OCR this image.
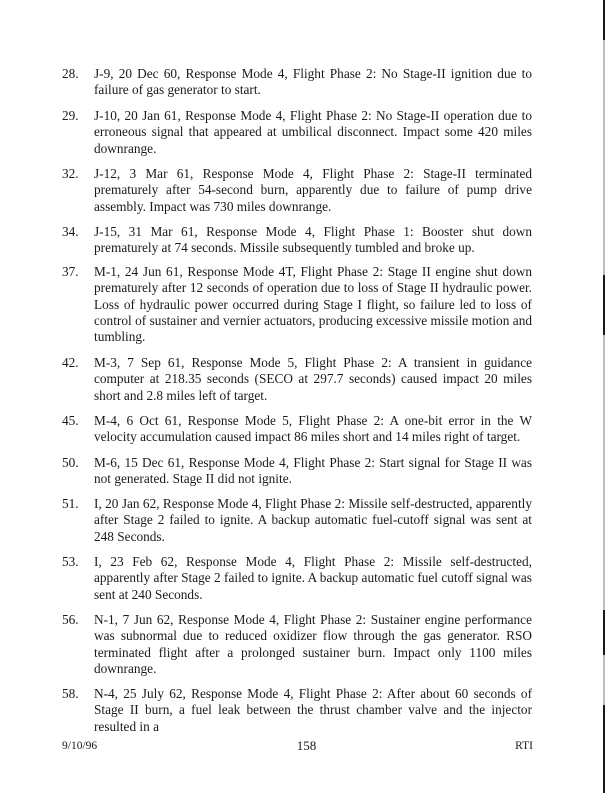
28.	J-9, 20 Dec 60, Response Mode 4, Flight Phase 2: No Stage-II ignition due to failure of gas generator to start.
29.	J-10, 20 Jan 61, Response Mode 4, Flight Phase 2: No Stage-II operation due to erroneous signal that appeared at umbilical disconnect. Impact some 420 miles downrange.
32.	J-12, 3 Mar 61, Response Mode 4, Flight Phase 2: Stage-II terminated prematurely after 54-second burn, apparently due to failure of pump drive assembly. Impact was 730 miles downrange.
34.	J-15, 31 Mar 61, Response Mode 4, Flight Phase 1: Booster shut down prematurely at 74 seconds. Missile subsequently tumbled and broke up.
37.	M-1, 24 Jun 61, Response Mode 4T, Flight Phase 2: Stage II engine shut down prematurely after 12 seconds of operation due to loss of Stage II hydraulic power. Loss of hydraulic power occurred during Stage I flight, so failure led to loss of control of sustainer and vernier actuators, producing excessive missile motion and tumbling.
42.	M-3, 7 Sep 61, Response Mode 5, Flight Phase 2: A transient in guidance computer at 218.35 seconds (SECO at 297.7 seconds) caused impact 20 miles short and 2.8 miles left of target.
45.	M-4, 6 Oct 61, Response Mode 5, Flight Phase 2: A one-bit error in the W velocity accumulation caused impact 86 miles short and 14 miles right of target.
50.	M-6, 15 Dec 61, Response Mode 4, Flight Phase 2: Start signal for Stage II was not generated. Stage II did not ignite.
51.	I, 20 Jan 62, Response Mode 4, Flight Phase 2: Missile self-destructed, apparently after Stage 2 failed to ignite. A backup automatic fuel-cutoff signal was sent at 248 Seconds.
53.	I, 23 Feb 62, Response Mode 4, Flight Phase 2: Missile self-destructed, apparently after Stage 2 failed to ignite. A backup automatic fuel cutoff signal was sent at 240 Seconds.
56.	N-1, 7 Jun 62, Response Mode 4, Flight Phase 2: Sustainer engine performance was subnormal due to reduced oxidizer flow through the gas generator. RSO terminated flight after a prolonged sustainer burn. Impact only 1100 miles downrange.
58.	N-4, 25 July 62, Response Mode 4, Flight Phase 2: After about 60 seconds of Stage II burn, a fuel leak between the thrust chamber valve and the injector resulted in a
9/10/96	158	RTI
